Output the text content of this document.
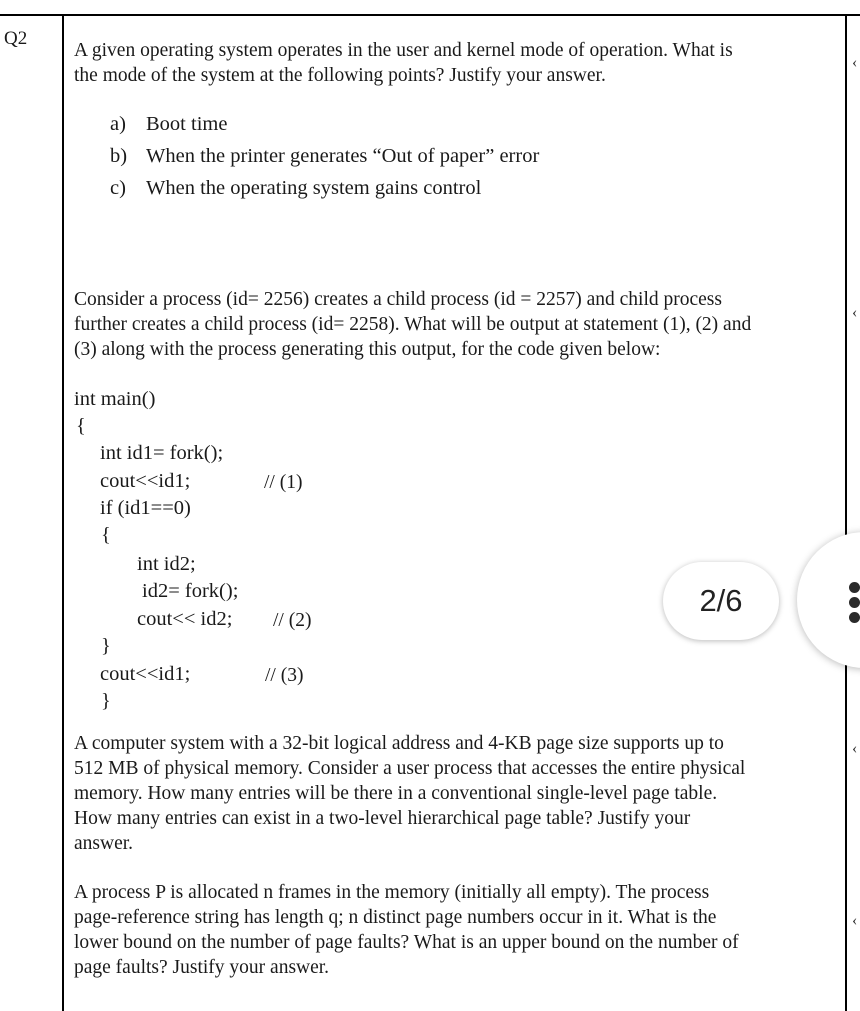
Q2
A given operating system operates in the user and kernel mode of operation. What is
the mode of the system at the following points? Justify your answer.
a) Boot time
b) When the printer generates “Out of paper” error
c) When the operating system gains control
Consider a process (id= 2256) creates a child process (id = 2257) and child process
further creates a child process (id= 2258). What will be output at statement (1), (2) and
(3) along with the process generating this output, for the code given below:
int main()
{
int id1= fork();
cout<<id1;
if (id1==0)
{
int id2;
id2= fork();
cout<< id2;
}
cout<<id1;
}
// (1)
// (2)
// (3)
A computer system with a 32-bit logical address and 4-KB page size supports up to
512 MB of physical memory. Consider a user process that accesses the entire physical
memory. How many entries will be there in a conventional single-level page table.
How many entries can exist in a two-level hierarchical page table? Justify your
answer.
A process P is allocated n frames in the memory (initially all empty). The process
page-reference string has length q; n distinct page numbers occur in it. What is the
lower bound on the number of page faults? What is an upper bound on the number of
page faults? Justify your answer.
‹
‹
‹
‹
2/6
